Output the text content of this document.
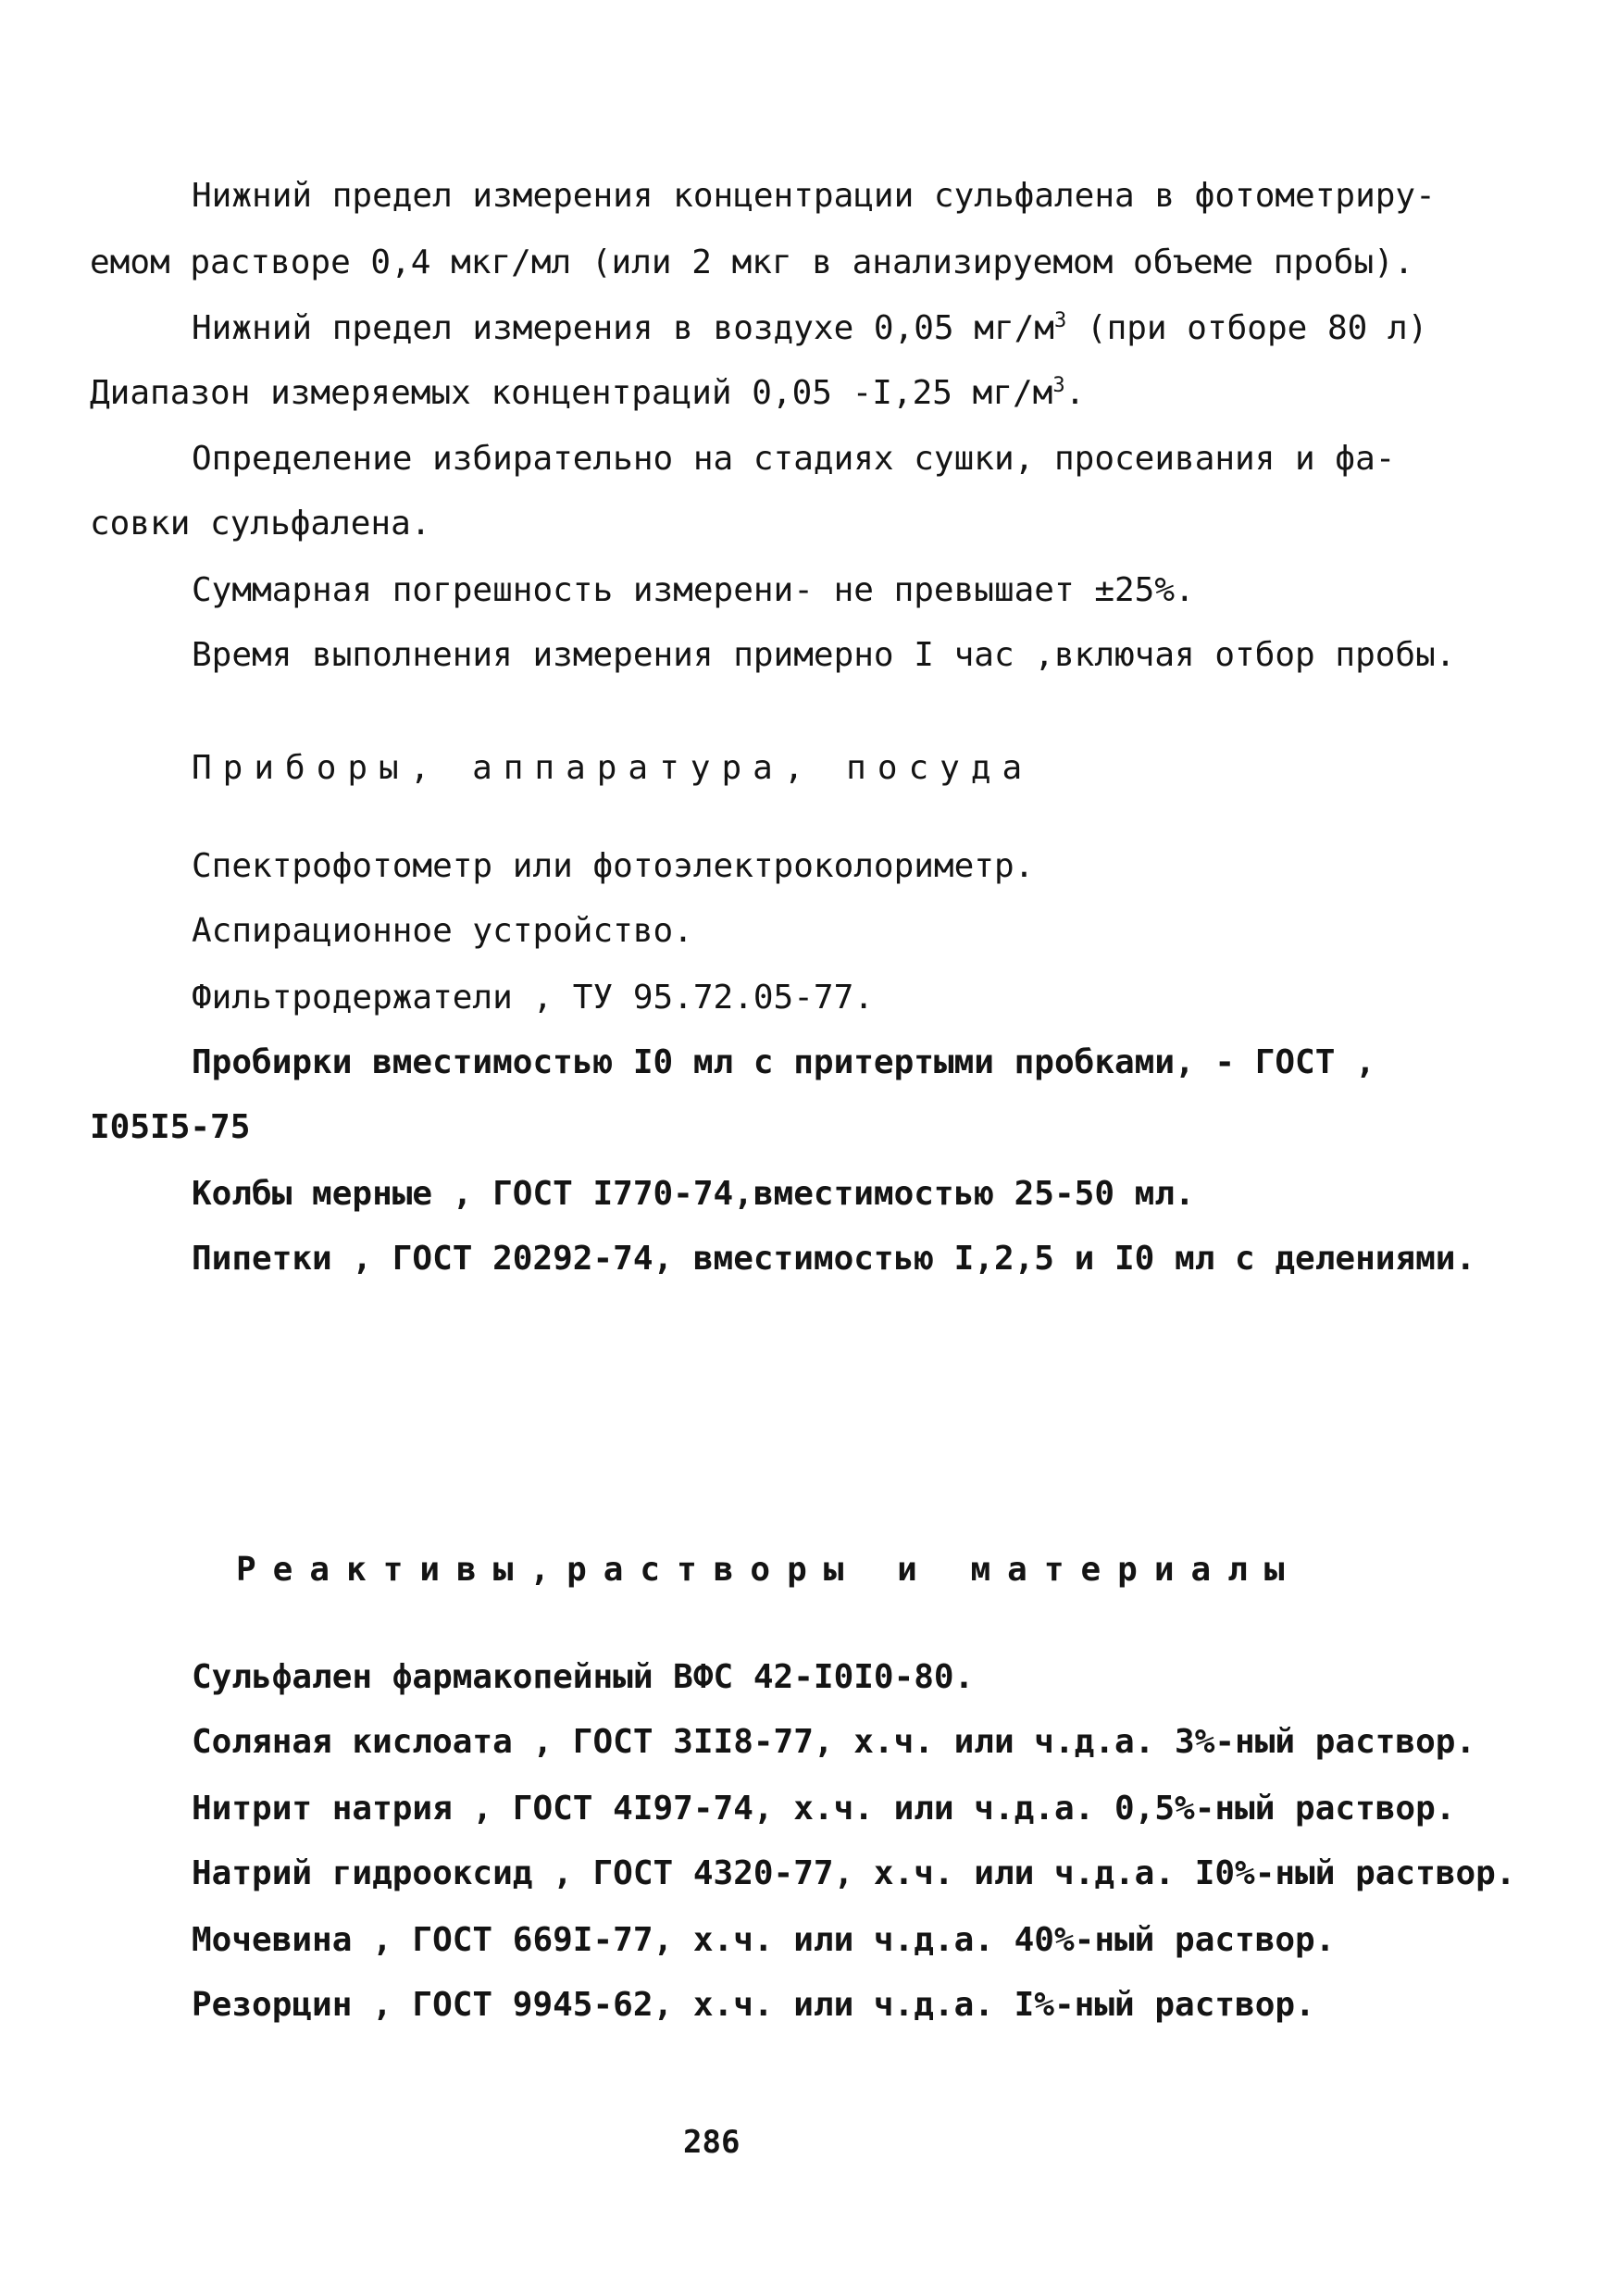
Нижний предел измерения концентрации сульфалена в фотометриру-
емом растворе 0,4 мкг/мл (или 2 мкг в анализируемом объеме пробы).
Нижний предел измерения в воздухе 0,05 $мг/м^3$ (при отборе 80 л)
Диапазон измеряемых концентраций 0,05 -I,25 $мг/м^3$.
Определение избирательно на стадиях сушки, просеивания и фа-
совки сульфалена.
Суммарная погрешность измерени- не превышает ±25%.
Время выполнения измерения примерно I час ,включая отбор пробы.
Приборы, аппаратура, посуда
Спектрофотометр или фотоэлектроколориметр.
Аспирационное устройство.
Фильтродержатели , ТУ 95.72.05-77.
Пробирки вместимостью I0 мл с притертыми пробками, - ГОСТ ,
I05I5-75
Колбы мерные , ГОСТ I770-74,вместимостью 25-50 мл.
Пипетки , ГОСТ 20292-74, вместимостью I,2,5 и I0 мл с делениями.
Реактивы,растворы и материалы
Сульфален фармакопейный ВФС 42-I0I0-80.
Соляная кислоата , ГОСТ 3II8-77, х.ч. или ч.д.а. 3%-ный раствор.
Нитрит натрия , ГОСТ 4I97-74, х.ч. или ч.д.а. 0,5%-ный раствор.
Натрий гидрооксид , ГОСТ 4320-77, х.ч. или ч.д.а. I0%-ный раствор.
Мочевина , ГОСТ 669I-77, х.ч. или ч.д.а. 40%-ный раствор.
Резорцин , ГОСТ 9945-62, х.ч. или ч.д.а. I%-ный раствор.
286
